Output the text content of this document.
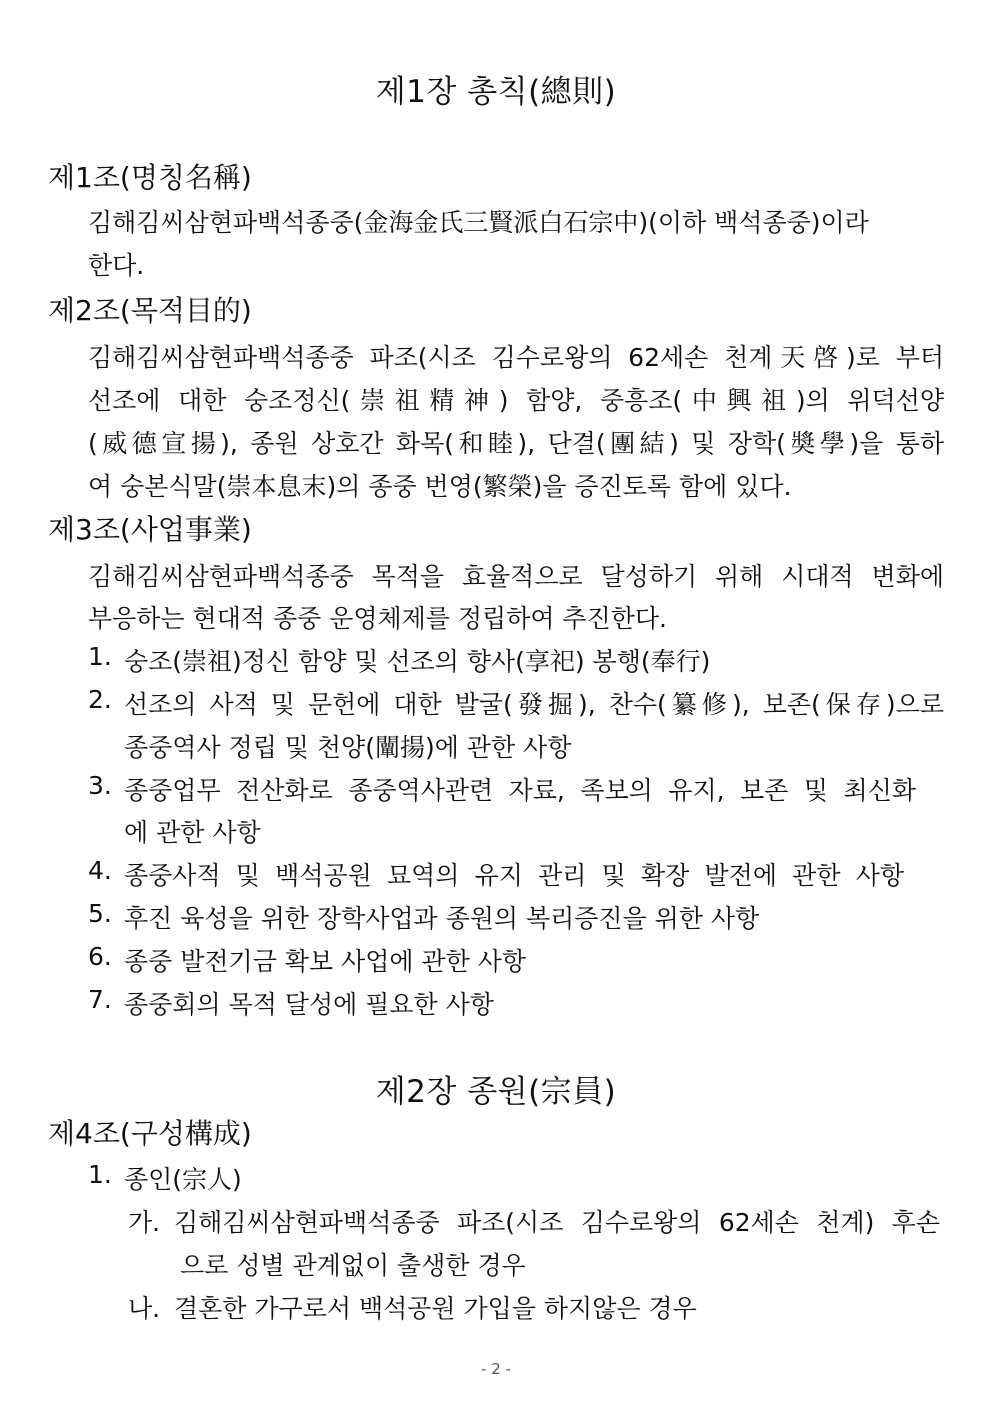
제1장 총칙(總則)
제1조(명칭名稱)
김해김씨삼현파백석종중(金海金氏三賢派白石宗中)(이하 백석종중)이라
한다.
제2조(목적目的)
김해김씨삼현파백석종중 파조(시조 김수로왕의 62세손 천계天啓)로 부터
선조에 대한 숭조정신(崇祖精神) 함양, 중흥조(中興祖)의 위덕선양
(威德宣揚), 종원 상호간 화목(和睦), 단결(團結) 및 장학(奬學)을 통하
여 숭본식말(崇本息末)의 종중 번영(繁榮)을 증진토록 함에 있다.
제3조(사업事業)
김해김씨삼현파백석종중 목적을 효율적으로 달성하기 위해 시대적 변화에
부응하는 현대적 종중 운영체제를 정립하여 추진한다.
1. 숭조(崇祖)정신 함양 및 선조의 향사(享祀) 봉행(奉行)
2. 선조의 사적 및 문헌에 대한 발굴(發掘), 찬수(纂修), 보존(保存)으로
종중역사 정립 및 천양(闡揚)에 관한 사항
3. 종중업무 전산화로 종중역사관련 자료, 족보의 유지, 보존 및 최신화
에 관한 사항
4. 종중사적 및 백석공원 묘역의 유지 관리 및 확장 발전에 관한 사항
5. 후진 육성을 위한 장학사업과 종원의 복리증진을 위한 사항
6. 종중 발전기금 확보 사업에 관한 사항
7. 종중회의 목적 달성에 필요한 사항
제2장 종원(宗員)
제4조(구성構成)
1. 종인(宗人)
가. 김해김씨삼현파백석종중 파조(시조 김수로왕의 62세손 천계) 후손
으로 성별 관계없이 출생한 경우
나. 결혼한 가구로서 백석공원 가입을 하지않은 경우
- 2 -
